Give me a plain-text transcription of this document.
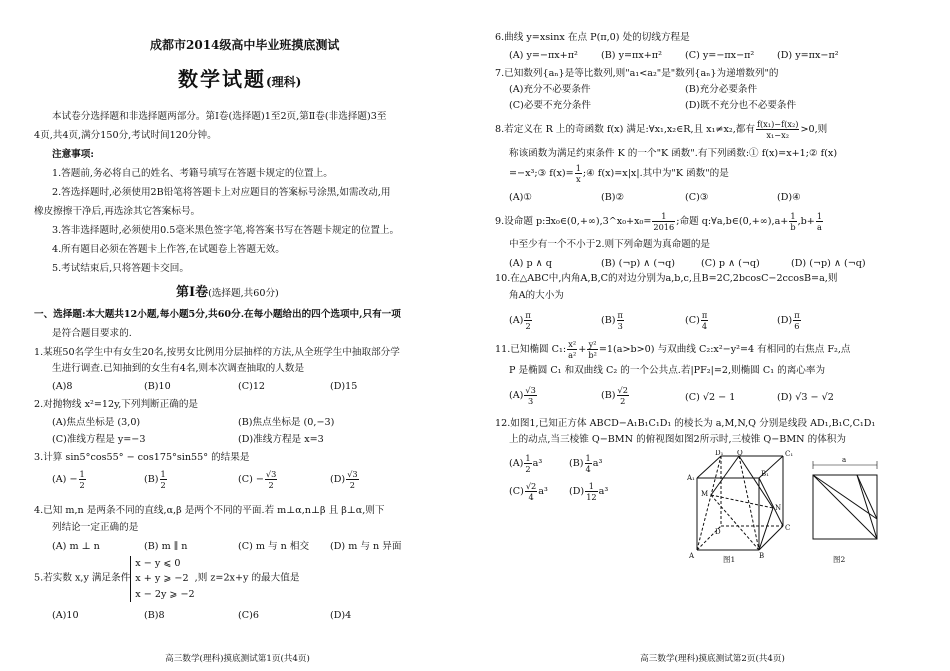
成都市2014级高中毕业班摸底测试
数学试题(理科)
本试卷分选择题和非选择题两部分。第Ⅰ卷(选择题)1至2页,第Ⅱ卷(非选择题)3至
4页,共4页,满分150分,考试时间120分钟。
注意事项:
1.答题前,务必将自己的姓名、考籍号填写在答题卡规定的位置上。
2.答选择题时,必须使用2B铅笔将答题卡上对应题目的答案标号涂黑,如需改动,用
橡皮擦擦干净后,再选涂其它答案标号。
3.答非选择题时,必须使用0.5毫米黑色签字笔,将答案书写在答题卡规定的位置上。
4.所有题目必须在答题卡上作答,在试题卷上答题无效。
5.考试结束后,只将答题卡交回。
第Ⅰ卷(选择题,共60分)
一、选择题:本大题共12小题,每小题5分,共60分.在每小题给出的四个选项中,只有一项
是符合题目要求的.
1.某班50名学生中有女生20名,按男女比例用分层抽样的方法,从全班学生中抽取部分学
生进行调查.已知抽到的女生有4名,则本次调查抽取的人数是
(A)8	(B)10	(C)12	(D)15
2.对抛物线 x²=12y,下列判断正确的是
(A)焦点坐标是 (3,0)	(B)焦点坐标是 (0,−3)
(C)准线方程是 y=−3	(D)准线方程是 x=3
3.计算 sin5°cos55° − cos175°sin55° 的结果是
$(A) - \frac{1}{2}$	$(B) \frac{1}{2}$	$(C) - \frac{√3}{2}$	$(D) \frac{√3}{2}$
4.已知 m,n 是两条不同的直线,α,β 是两个不同的平面.若 m⊥α,n⊥β 且 β⊥α,则下
列结论一定正确的是
(A) m ⊥ n	(B) m ∥ n	(C) m 与 n 相交 (D) m 与 n 异面
5.若实数 x,y 满足条件x − y ⩽ 0
x + y ⩾ −2
x − 2y ⩾ −2,则 z=2x+y 的最大值是
(A)10	(B)8	(C)6	(D)4
高三数学(理科)摸底测试第1页(共4页)
6.曲线 y=xsinx 在点 P(π,0) 处的切线方程是
(A) y=−πx+π² (B) y=πx+π² (C) y=−πx−π² (D) y=πx−π²
7.已知数列{aₙ}是等比数列,则"a₁<a₂"是"数列{aₙ}为递增数列"的
(A)充分不必要条件	(B)充分必要条件
(C)必要不充分条件	(D)既不充分也不必要条件
8.若定义在 R 上的奇函数 f(x) 满足:∀x₁,x₂∈R,且 x₁≠x₂,都有 $\frac{\text{f(x₁)−f(x₂)}}{\text{x₁−x₂}} >0$,则
称该函数为满足约束条件 K 的一个"K 函数".有下列函数:① f(x)=x+1;② f(x)
=−x³;③ $f(x)= \frac{1}{x}$ ;④ f(x)=x|x|.其中为"K 函数"的是
(A)①	(B)②	(C)③	(D)④
9.设命题 p:∃x₀∈(0,+∞),3^x₀+x₀= $\frac{1}{2016}$ ;命题 q:∀a,b∈(0,+∞),a+ $\frac{1}{b} ,b+ \frac{1}{a}$
中至少有一个不小于2.则下列命题为真命题的是
(A) p ∧ q	(B) (¬p) ∧ (¬q)	(C) p ∧ (¬q)	(D) (¬p) ∧ (¬q)
10.在△ABC中,内角A,B,C的对边分别为a,b,c,且B=2C,2bcosC−2ccosB=a,则
角A的大小为
$(A) \frac{\pi}{2}$	$(B) \frac{\pi}{3}$	$(C) \frac{\pi}{4}$	$(D) \frac{\pi}{6}$
11.已知椭圆 C₁: $\frac{\text{x²}}{\text{a²}} + \frac{\text{y²}}{\text{b²}} =1(a>b>0)$ 与双曲线 C₂:x²−y²=4 有相同的右焦点 F₂,点
P 是椭圆 C₁ 和双曲线 C₂ 的一个公共点.若|PF₂|=2,则椭圆 C₁ 的离心率为
$(A) \frac{√3}{3}$	$(B) \frac{√2}{2}$	(C) √2 − 1	(D) √3 − √2
12.如图1,已知正方体 ABCD−A₁B₁C₁D₁ 的棱长为 a,M,N,Q 分别是线段 AD₁,B₁C,C₁D₁
上的动点,当三棱锥 Q−BMN 的俯视图如图2所示时,三棱锥 Q−BMN 的体积为
$(A) \frac{1}{2} a^3$	$(B) \frac{1}{4} a^3$
$(C) \frac{√2}{4} a^3$ $(D) \frac{1}{12} a^3$
D₁ Q	C₁
A₁	B₁
M
N
D	C
A	B
图1
a
图2
高三数学(理科)摸底测试第2页(共4页)
